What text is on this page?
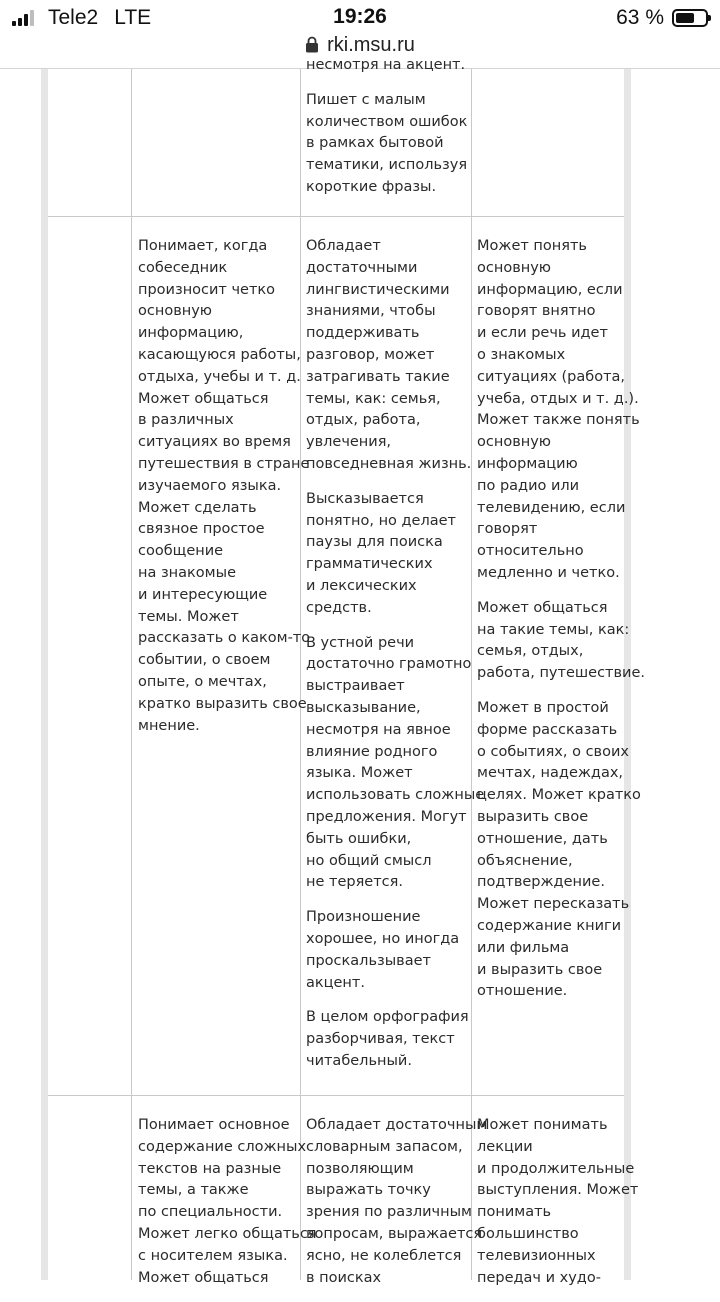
Tele2 LTE	19:26	63 %
rki.msu.ru

несмотря на акцент.

Пишет с малым
количеством ошибок
в рамках бытовой
тематики, используя
короткие фразы.

Понимает, когда
собеседник
произносит четко
основную
информацию,
касающуюся работы,
отдыха, учебы и т. д.
Может общаться
в различных
ситуациях во время
путешествия в стране
изучаемого языка.
Может сделать
связное простое
сообщение
на знакомые
и интересующие
темы. Может
рассказать о каком-то
событии, о своем
опыте, о мечтах,
кратко выразить свое
мнение.

Обладает
достаточными
лингвистическими
знаниями, чтобы
поддерживать
разговор, может
затрагивать такие
темы, как: семья,
отдых, работа,
увлечения,
повседневная жизнь.

Высказывается
понятно, но делает
паузы для поиска
грамматических
и лексических
средств.

В устной речи
достаточно грамотно
выстраивает
высказывание,
несмотря на явное
влияние родного
языка. Может
использовать сложные
предложения. Могут
быть ошибки,
но общий смысл
не теряется.

Произношение
хорошее, но иногда
проскальзывает
акцент.

В целом орфография
разборчивая, текст
читабельный.

Может понять
основную
информацию, если
говорят внятно
и если речь идет
о знакомых
ситуациях (работа,
учеба, отдых и т. д.).
Может также понять
основную
информацию
по радио или
телевидению, если
говорят
относительно
медленно и четко.

Может общаться
на такие темы, как:
семья, отдых,
работа, путешествие.

Может в простой
форме рассказать
о событиях, о своих
мечтах, надеждах,
целях. Может кратко
выразить свое
отношение, дать
объяснение,
подтверждение.
Может пересказать
содержание книги
или фильма
и выразить свое
отношение.

Понимает основное
содержание сложных
текстов на разные
темы, а также
по специальности.
Может легко общаться
с носителем языка.
Может общаться

Обладает достаточным
словарным запасом,
позволяющим
выражать точку
зрения по различным
вопросам, выражается
ясно, не колеблется
в поисках

Может понимать
лекции
и продолжительные
выступления. Может
понимать
большинство
телевизионных
передач и худо-
